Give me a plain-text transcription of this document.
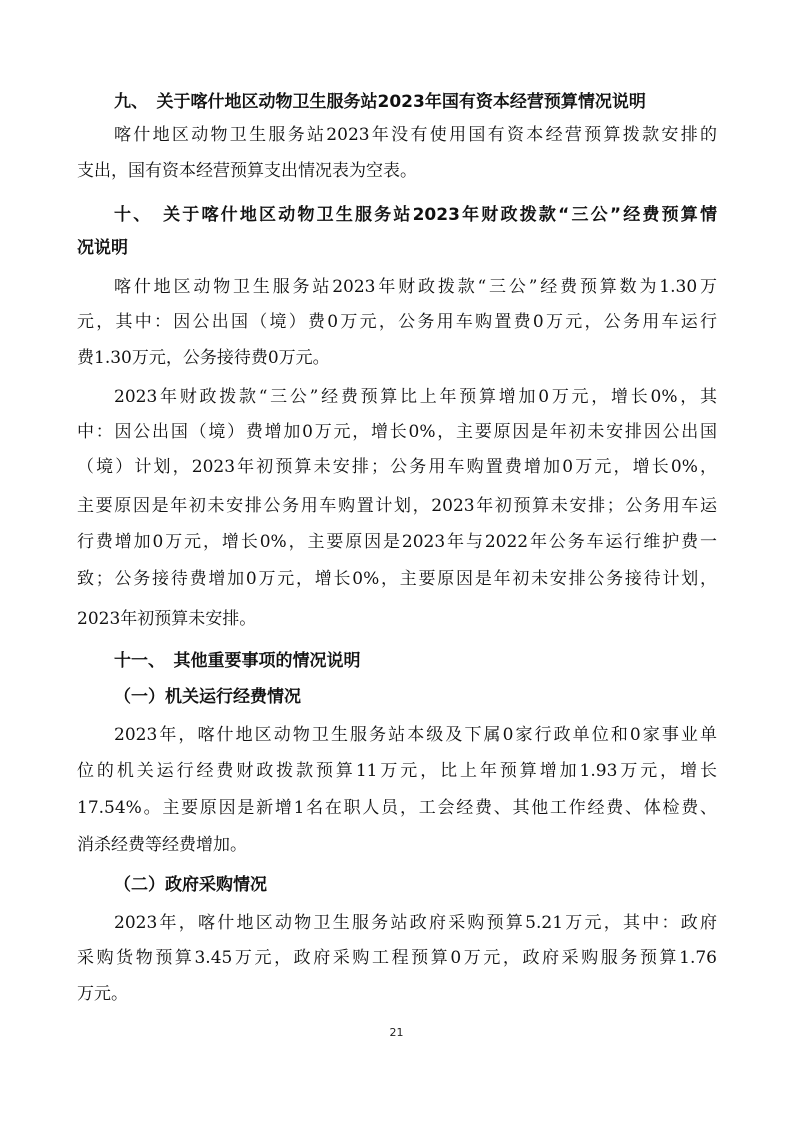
九、　关于喀什地区动物卫生服务站2023年国有资本经营预算情况说明
喀什地区动物卫生服务站2023年没有使用国有资本经营预算拨款安排的
支出，国有资本经营预算支出情况表为空表。
十、　关于喀什地区动物卫生服务站2023年财政拨款“三公”经费预算情
况说明
喀什地区动物卫生服务站2023年财政拨款“三公”经费预算数为1.30万
元，其中：因公出国（境）费0万元，公务用车购置费0万元，公务用车运行
费1.30万元，公务接待费0万元。
2023年财政拨款“三公”经费预算比上年预算增加0万元，增长0%，其
中：因公出国（境）费增加0万元，增长0%，主要原因是年初未安排因公出国
（境）计划，2023年初预算未安排；公务用车购置费增加0万元，增长0%，
主要原因是年初未安排公务用车购置计划，2023年初预算未安排；公务用车运
行费增加0万元，增长0%，主要原因是2023年与2022年公务车运行维护费一
致；公务接待费增加0万元，增长0%，主要原因是年初未安排公务接待计划，
2023年初预算未安排。
十一、　其他重要事项的情况说明
（一）机关运行经费情况
2023年，喀什地区动物卫生服务站本级及下属0家行政单位和0家事业单
位的机关运行经费财政拨款预算11万元，比上年预算增加1.93万元，增长
17.54%。主要原因是新增1名在职人员，工会经费、其他工作经费、体检费、
消杀经费等经费增加。
（二）政府采购情况
2023年，喀什地区动物卫生服务站政府采购预算5.21万元，其中：政府
采购货物预算3.45万元，政府采购工程预算0万元，政府采购服务预算1.76
万元。
21
